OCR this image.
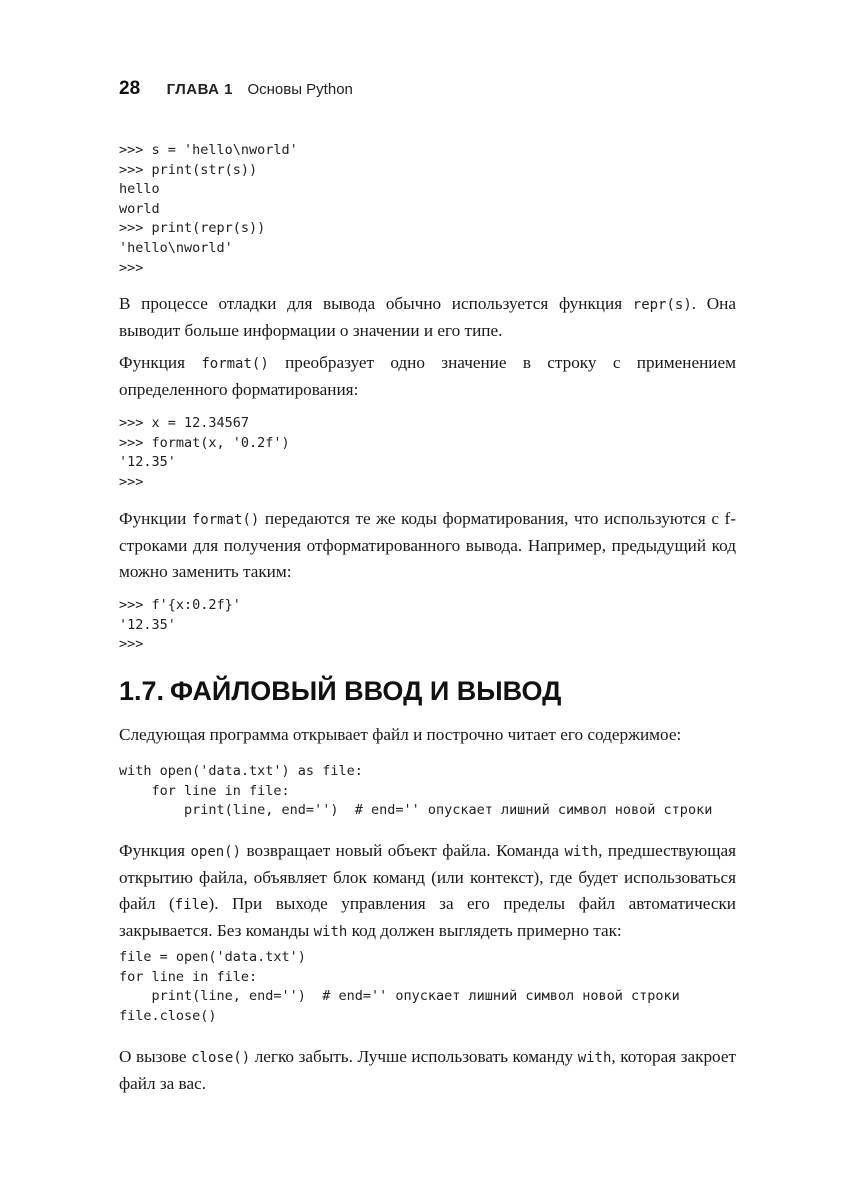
28 ГЛАВА 1 Основы Python
>>> s = 'hello\nworld'
>>> print(str(s))
hello
world
>>> print(repr(s))
'hello\nworld'
>>>

В процессе отладки для вывода обычно используется функция repr(s). Она выводит больше информации о значении и его типе.

Функция format() преобразует одно значение в строку с применением определенного форматирования:

>>> x = 12.34567
>>> format(x, '0.2f')
'12.35'
>>>

Функции format() передаются те же коды форматирования, что используются с f-строками для получения отформатированного вывода. Например, предыдущий код можно заменить таким:

>>> f'{x:0.2f}'
'12.35'
>>>

1.7. ФАЙЛОВЫЙ ВВОД И ВЫВОД

Следующая программа открывает файл и построчно читает его содержимое:

with open('data.txt') as file:
for line in file:
print(line, end='')  # end='' опускает лишний символ новой строки

Функция open() возвращает новый объект файла. Команда with, предшествующая открытию файла, объявляет блок команд (или контекст), где будет использоваться файл (file). При выходе управления за его пределы файл автоматически закрывается. Без команды with код должен выглядеть примерно так:

file = open('data.txt')
for line in file:
print(line, end='')  # end='' опускает лишний символ новой строки
file.close()

О вызове close() легко забыть. Лучше использовать команду with, которая закроет файл за вас.
